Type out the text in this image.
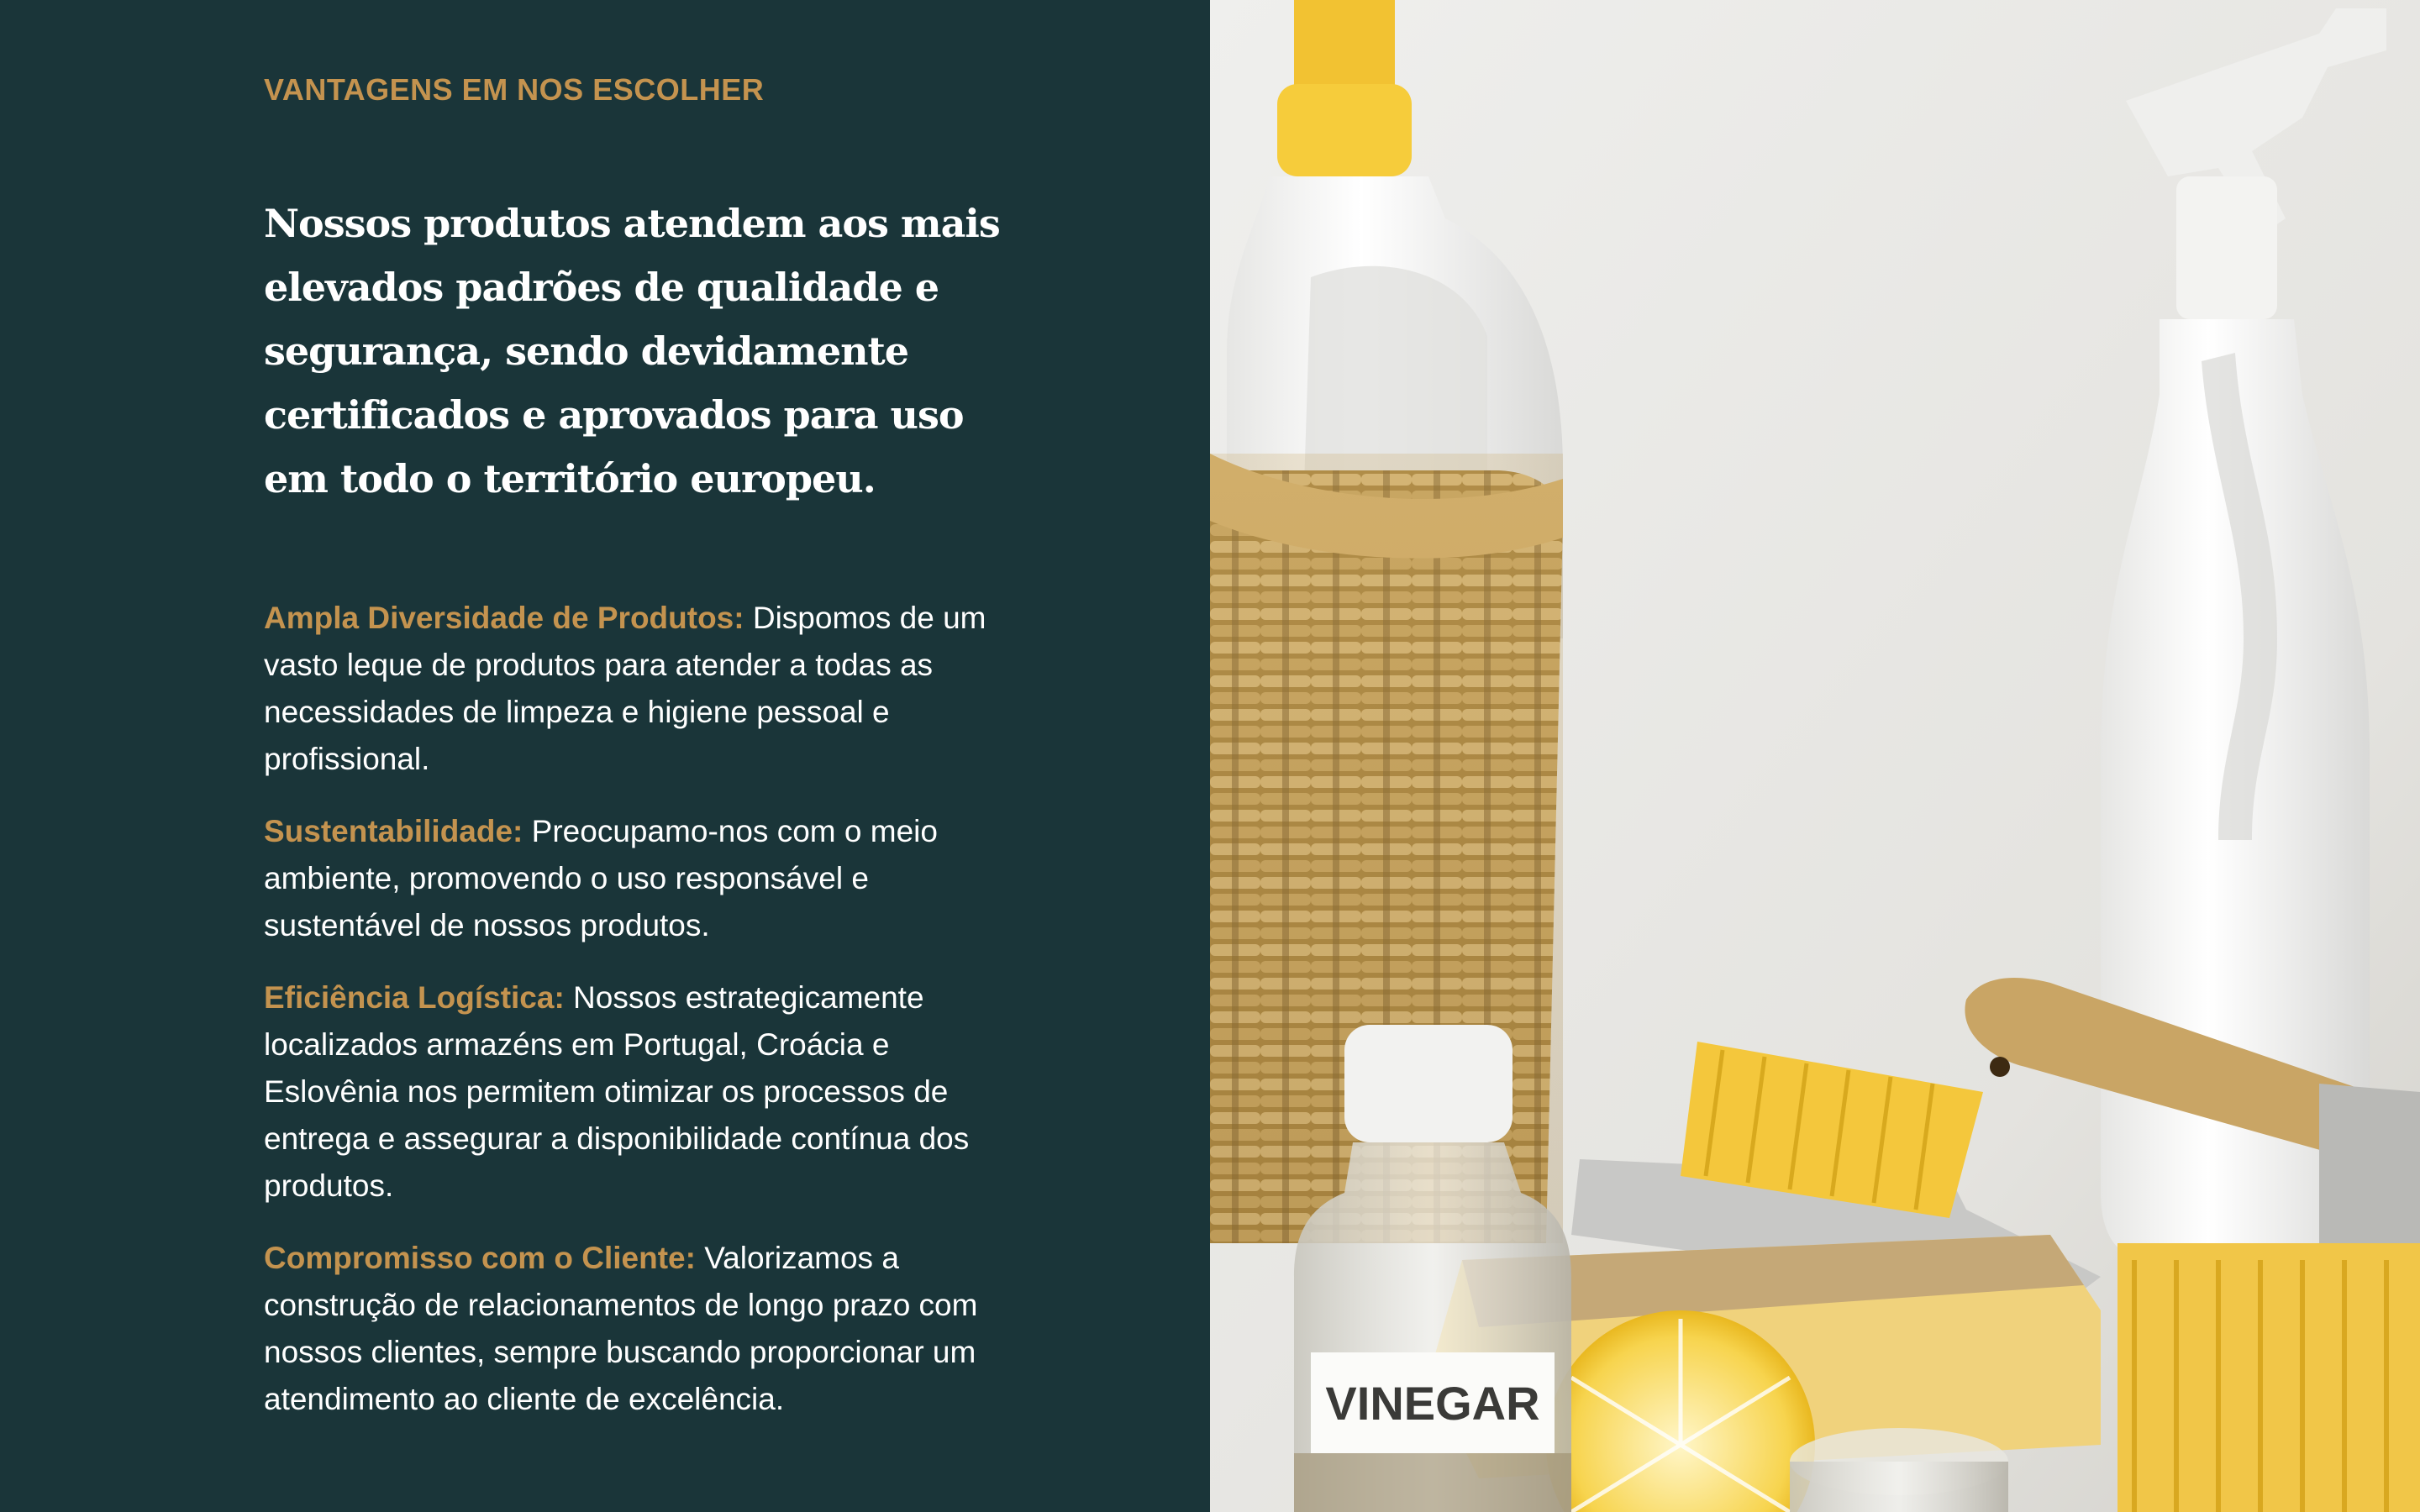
VANTAGENS EM NOS ESCOLHER
Nossos produtos atendem aos mais elevados padrões de qualidade e segurança, sendo devidamente certificados e aprovados para uso em todo o território europeu.
Ampla Diversidade de Produtos: Dispomos de um vasto leque de produtos para atender a todas as necessidades de limpeza e higiene pessoal e profissional.
Sustentabilidade: Preocupamo-nos com o meio ambiente, promovendo o uso responsável e sustentável de nossos produtos.
Eficiência Logística: Nossos estrategicamente localizados armazéns em Portugal, Croácia e Eslovênia nos permitem otimizar os processos de entrega e assegurar a disponibilidade contínua dos produtos.
Compromisso com o Cliente: Valorizamos a construção de relacionamentos de longo prazo com nossos clientes, sempre buscando proporcionar um atendimento ao cliente de excelência.	VINEGAR
